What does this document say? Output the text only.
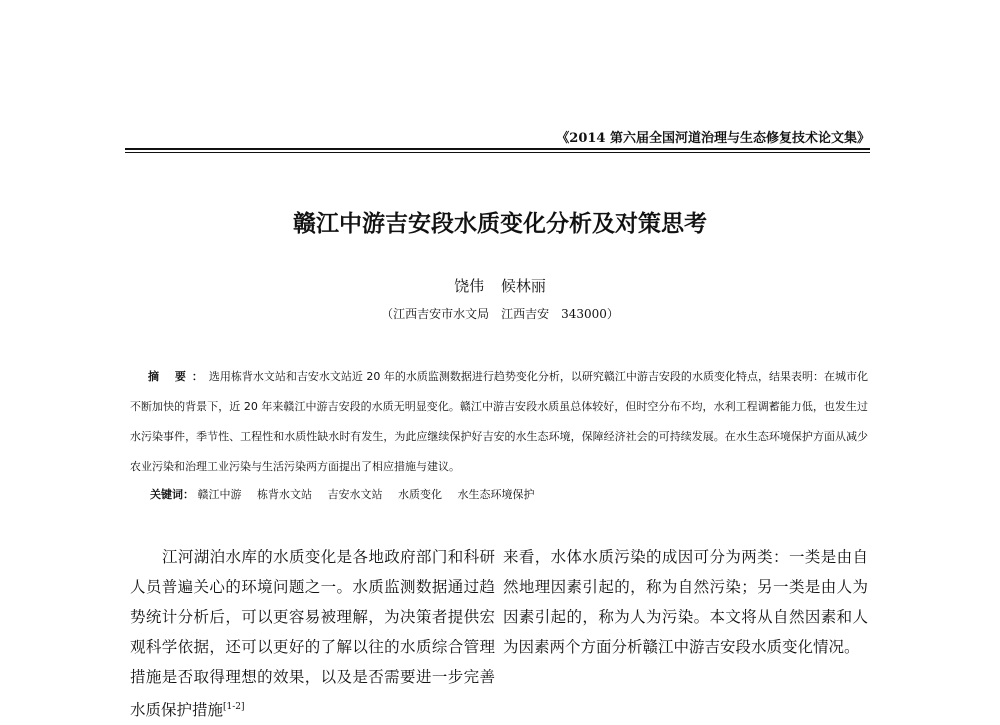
《2014 第六届全国河道治理与生态修复技术论文集》
赣江中游吉安段水质变化分析及对策思考
饶伟 候林丽
（江西吉安市水文局　江西吉安　343000）
摘 要：选用栋背水文站和吉安水文站近 20 年的水质监测数据进行趋势变化分析，以研究赣江中游吉安段的水质变化特点，结果表明：在城市化不断加快的背景下，近 20 年来赣江中游吉安段的水质无明显变化。赣江中游吉安段水质虽总体较好，但时空分布不均，水利工程调蓄能力低，也发生过水污染事件，季节性、工程性和水质性缺水时有发生，为此应继续保护好吉安的水生态环境，保障经济社会的可持续发展。在水生态环境保护方面从减少农业污染和治理工业污染与生活污染两方面提出了相应措施与建议。
关键词： 赣江中游 栋背水文站 吉安水文站 水质变化 水生态环境保护
江河湖泊水库的水质变化是各地政府部门和科研人员普遍关心的环境问题之一。水质监测数据通过趋势统计分析后，可以更容易被理解，为决策者提供宏观科学依据，还可以更好的了解以往的水质综合管理措施是否取得理想的效果，以及是否需要进一步完善水质保护措施[1-2]
来看，水体水质污染的成因可分为两类：一类是由自然地理因素引起的，称为自然污染；另一类是由人为因素引起的，称为人为污染。本文将从自然因素和人为因素两个方面分析赣江中游吉安段水质变化情况。
